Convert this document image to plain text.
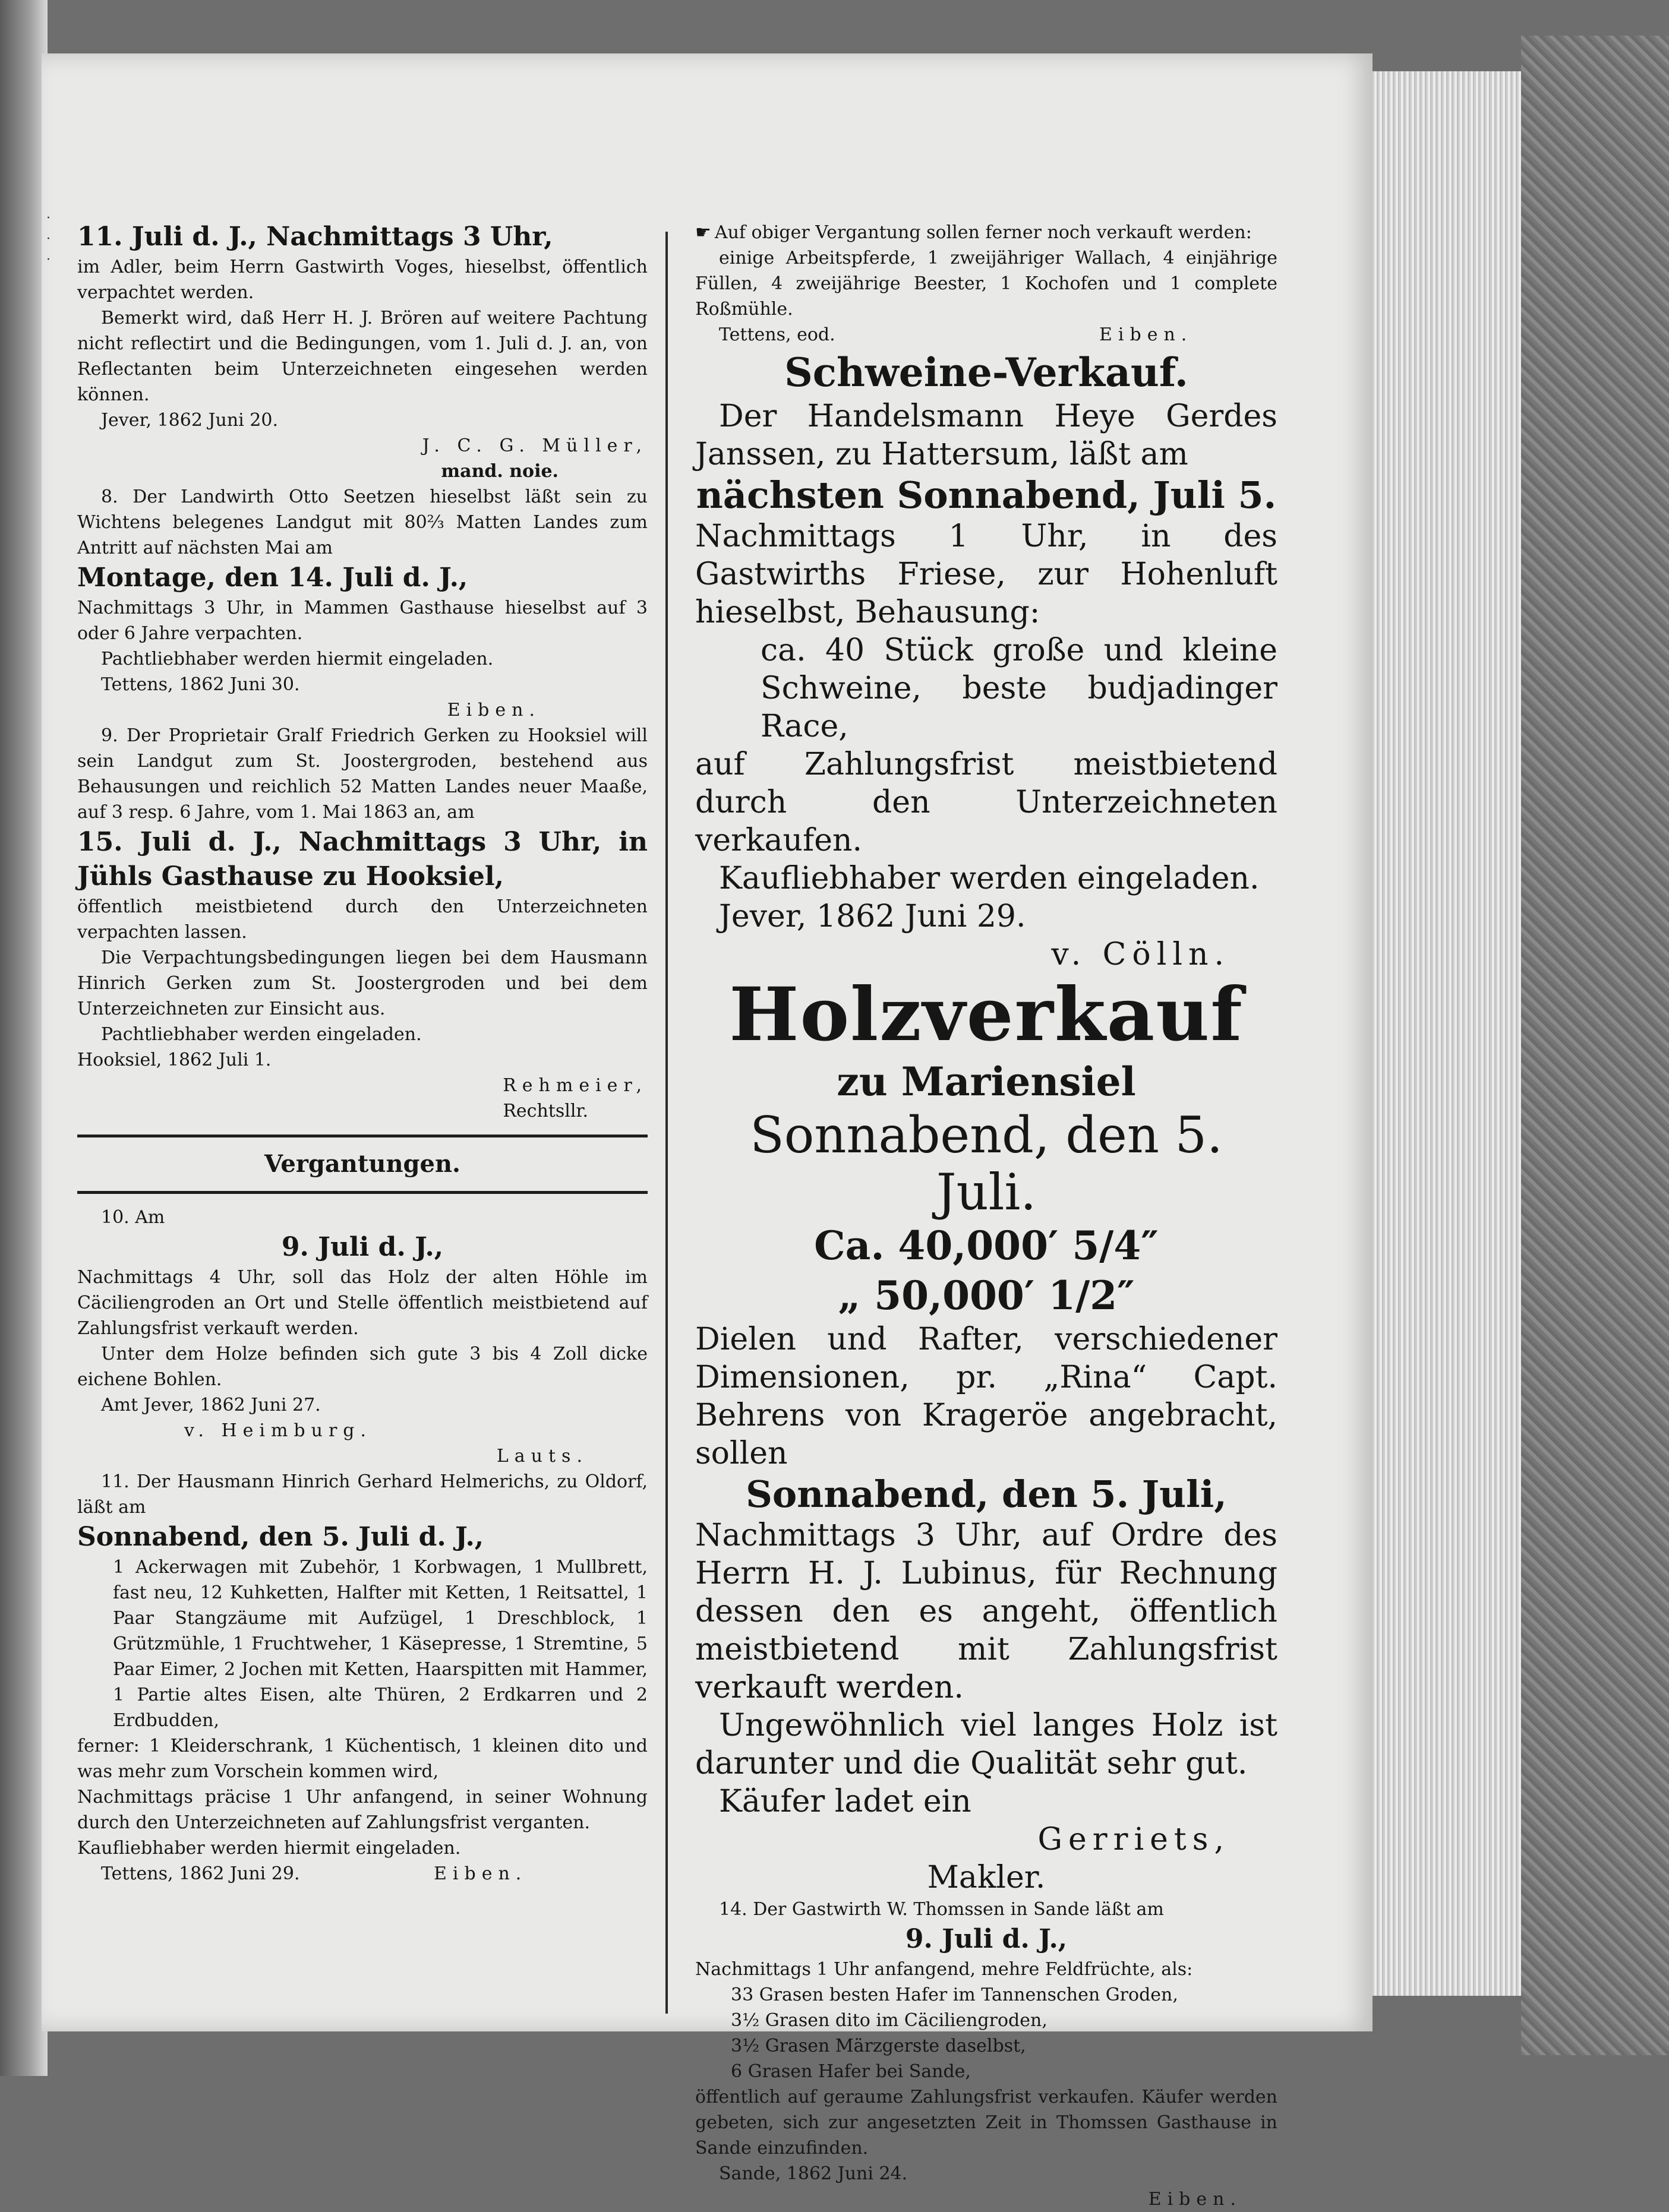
·
·
·

11. Juli d. J., Nachmittags 3 Uhr,

im Adler, beim Herrn Gastwirth Voges, hieselbst, öffentlich verpachtet werden.

Bemerkt wird, daß Herr H. J. Brören auf weitere Pachtung nicht reflectirt und die Bedingungen, vom 1. Juli d. J. an, von Reflectanten beim Unterzeichneten eingesehen werden können.

Jever, 1862 Juni 20.

J. C. G. Müller,

mand. noie.

8. Der Landwirth Otto Seetzen hieselbst läßt sein zu Wichtens belegenes Landgut mit 80⅔ Matten Landes zum Antritt auf nächsten Mai am

Montage, den 14. Juli d. J.,

Nachmittags 3 Uhr, in Mammen Gasthause hieselbst auf 3 oder 6 Jahre verpachten.

Pachtliebhaber werden hiermit eingeladen.

Tettens, 1862 Juni 30.

Eiben.

9. Der Proprietair Gralf Friedrich Gerken zu Hooksiel will sein Landgut zum St. Joostergroden, bestehend aus Behausungen und reichlich 52 Matten Landes neuer Maaße, auf 3 resp. 6 Jahre, vom 1. Mai 1863 an, am

15. Juli d. J., Nachmittags 3 Uhr, in Jühls Gasthause zu Hooksiel,

öffentlich meistbietend durch den Unterzeichneten verpachten lassen.

Die Verpachtungsbedingungen liegen bei dem Hausmann Hinrich Gerken zum St. Joostergroden und bei dem Unterzeichneten zur Einsicht aus.

Pachtliebhaber werden eingeladen.

Hooksiel, 1862 Juli 1.

Rehmeier,

Rechtsllr.

Vergantungen.

10. Am

9. Juli d. J.,

Nachmittags 4 Uhr, soll das Holz der alten Höhle im Cäciliengroden an Ort und Stelle öffentlich meistbietend auf Zahlungsfrist verkauft werden.

Unter dem Holze befinden sich gute 3 bis 4 Zoll dicke eichene Bohlen.

Amt Jever, 1862 Juni 27.

v. Heimburg.

Lauts.

11. Der Hausmann Hinrich Gerhard Helmerichs, zu Oldorf, läßt am

Sonnabend, den 5. Juli d. J.,

1 Ackerwagen mit Zubehör, 1 Korbwagen, 1 Mullbrett, fast neu, 12 Kuhketten, Halfter mit Ketten, 1 Reitsattel, 1 Paar Stangzäume mit Aufzügel, 1 Dreschblock, 1 Grützmühle, 1 Fruchtweher, 1 Käsepresse, 1 Stremtine, 5 Paar Eimer, 2 Jochen mit Ketten, Haarspitten mit Hammer, 1 Partie altes Eisen, alte Thüren, 2 Erdkarren und 2 Erdbudden,

ferner: 1 Kleiderschrank, 1 Küchentisch, 1 kleinen dito und was mehr zum Vorschein kommen wird,

Nachmittags präcise 1 Uhr anfangend, in seiner Wohnung durch den Unterzeichneten auf Zahlungsfrist verganten.

Kaufliebhaber werden hiermit eingeladen.

Tettens, 1862 Juni 29.	Eiben.

☛ Auf obiger Vergantung sollen ferner noch verkauft werden:

einige Arbeitspferde, 1 zweijähriger Wallach, 4 einjährige Füllen, 4 zweijährige Beester, 1 Kochofen und 1 complete Roßmühle.

Tettens, eod.	Eiben.

Schweine-Verkauf.

Der Handelsmann Heye Gerdes Janssen, zu Hattersum, läßt am

nächsten Sonnabend, Juli 5.

Nachmittags 1 Uhr, in des Gastwirths Friese, zur Hohenluft hieselbst, Behausung:

ca. 40 Stück große und kleine Schweine, beste budjadinger Race,

auf Zahlungsfrist meistbietend durch den Unterzeichneten verkaufen.

Kaufliebhaber werden eingeladen.

Jever, 1862 Juni 29.

v. Cölln.

Holzverkauf

zu Mariensiel

Sonnabend, den 5. Juli.

Ca. 40,000′ 5/4″

„ 50,000′ 1/2″

Dielen und Rafter, verschiedener Dimensionen, pr. „Rina“ Capt. Behrens von Krageröe angebracht, sollen

Sonnabend, den 5. Juli,

Nachmittags 3 Uhr, auf Ordre des Herrn H. J. Lubinus, für Rechnung dessen den es angeht, öffentlich meistbietend mit Zahlungsfrist verkauft werden.

Ungewöhnlich viel langes Holz ist darunter und die Qualität sehr gut.

Käufer ladet ein

Gerriets,

Makler.

14. Der Gastwirth W. Thomssen in Sande läßt am

9. Juli d. J.,

Nachmittags 1 Uhr anfangend, mehre Feldfrüchte, als:

33 Grasen besten Hafer im Tannenschen Groden,

3½ Grasen dito im Cäciliengroden,

3½ Grasen Märzgerste daselbst,

6 Grasen Hafer bei Sande,

öffentlich auf geraume Zahlungsfrist verkaufen. Käufer werden gebeten, sich zur angesetzten Zeit in Thomssen Gasthause in Sande einzufinden.

Sande, 1862 Juni 24.

Eiben.
